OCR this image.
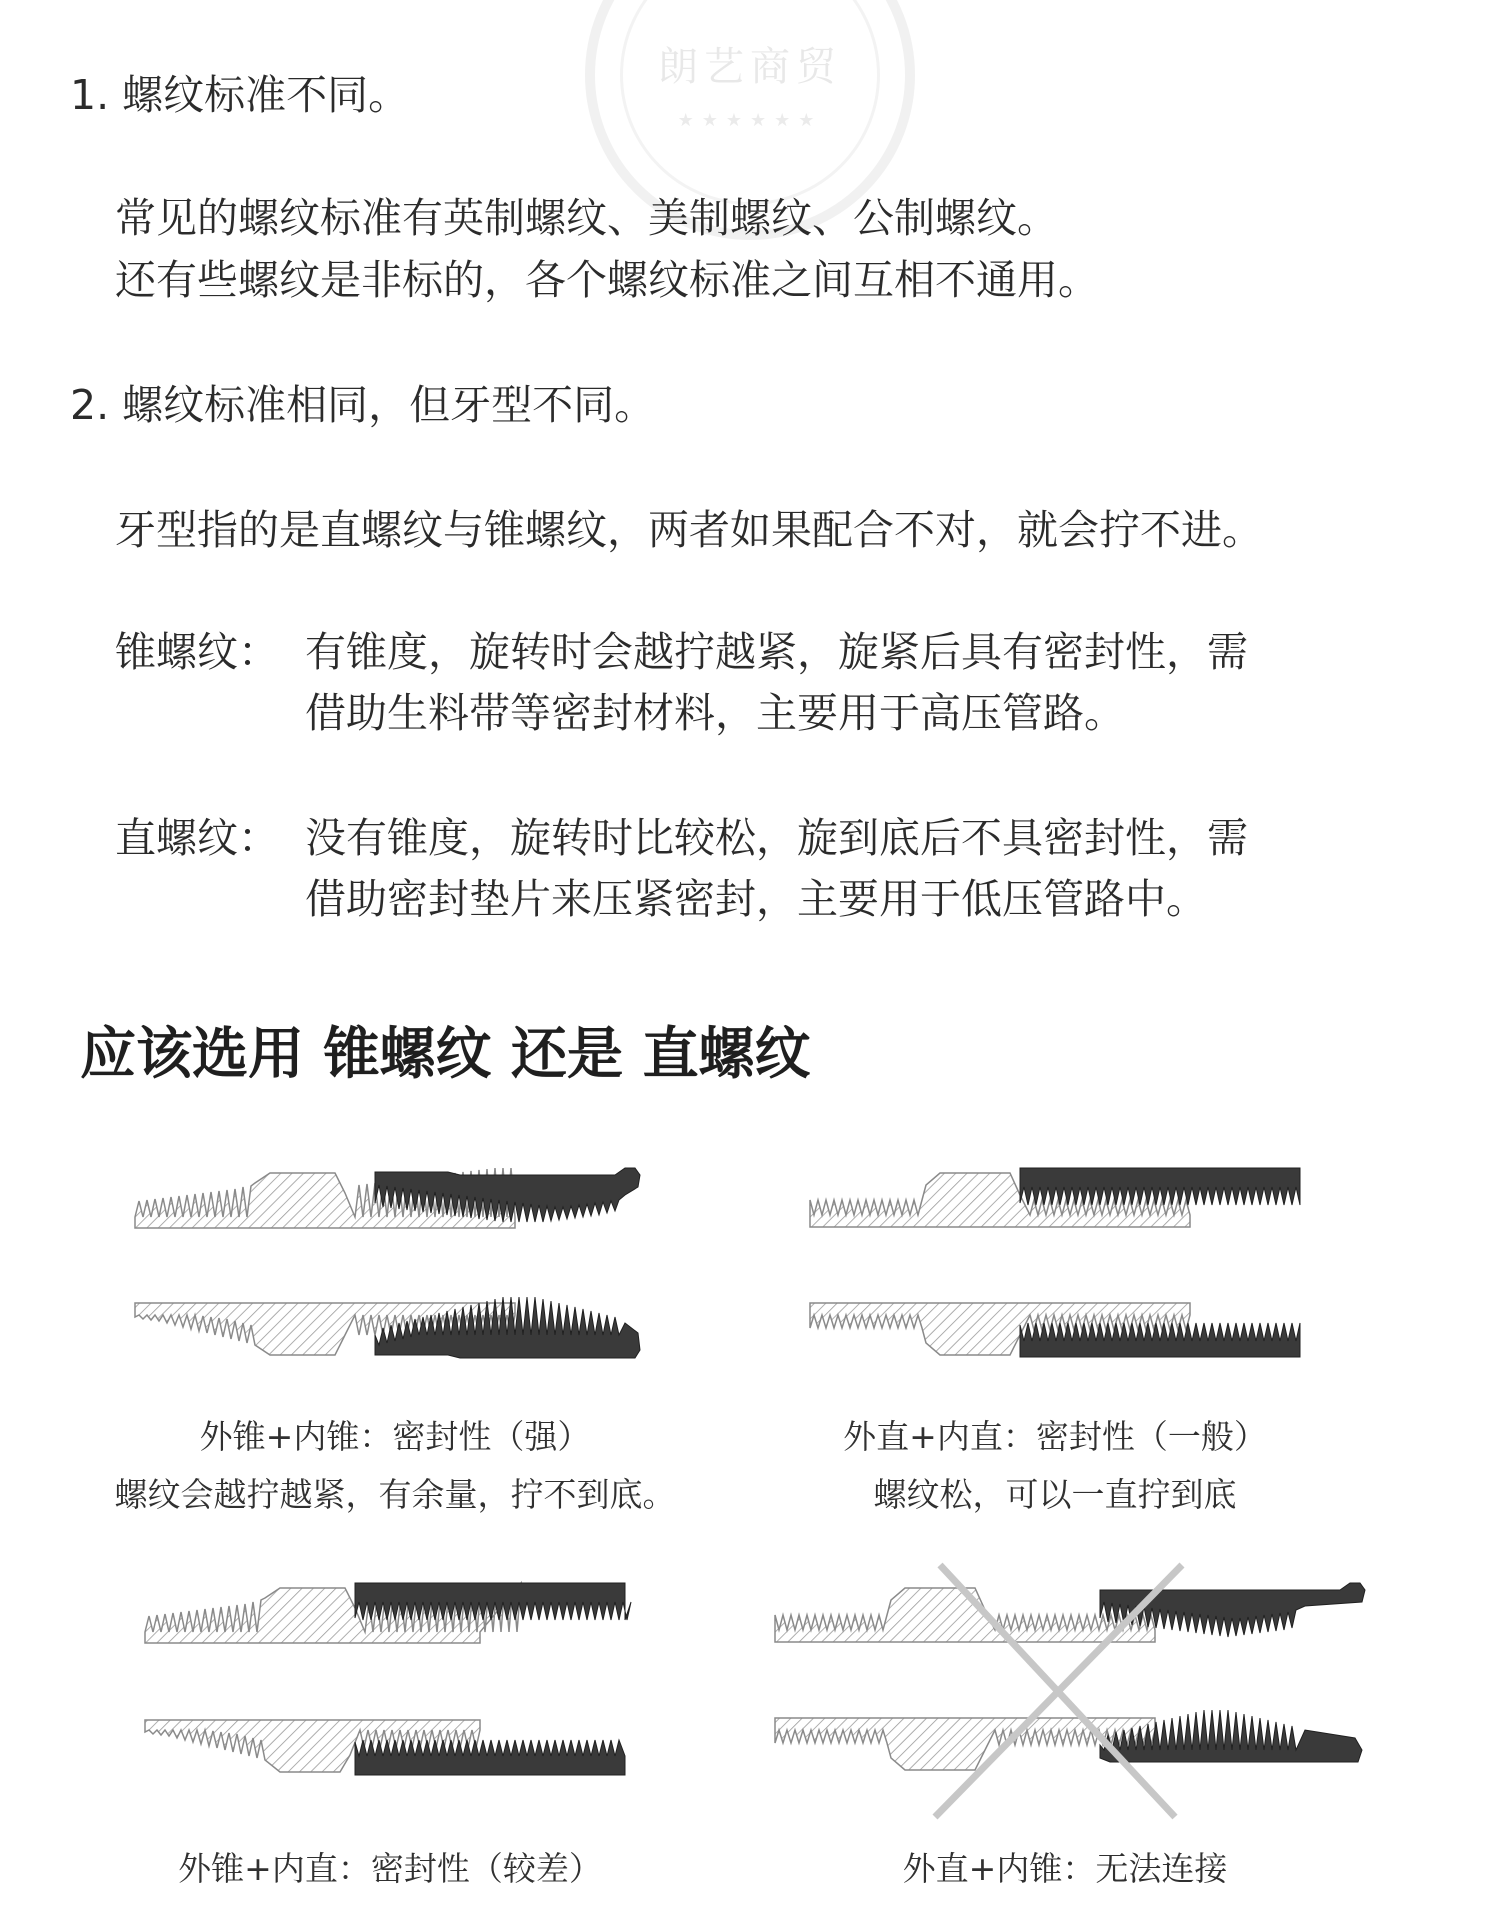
朗艺商贸
★★★★★★
1. 螺纹标准不同。
常见的螺纹标准有英制螺纹、美制螺纹、公制螺纹。
还有些螺纹是非标的，各个螺纹标准之间互相不通用。
2. 螺纹标准相同，但牙型不同。
牙型指的是直螺纹与锥螺纹，两者如果配合不对，就会拧不进。
锥螺纹： 有锥度，旋转时会越拧越紧，旋紧后具有密封性，需
借助生料带等密封材料，主要用于高压管路。
直螺纹： 没有锥度，旋转时比较松，旋到底后不具密封性，需
借助密封垫片来压紧密封，主要用于低压管路中。
应该选用 锥螺纹 还是 直螺纹
外锥+内锥：密封性（强）
螺纹会越拧越紧，有余量，拧不到底。
外直+内直：密封性（一般）
螺纹松，可以一直拧到底
外锥+内直：密封性（较差）	外直+内锥：无法连接
